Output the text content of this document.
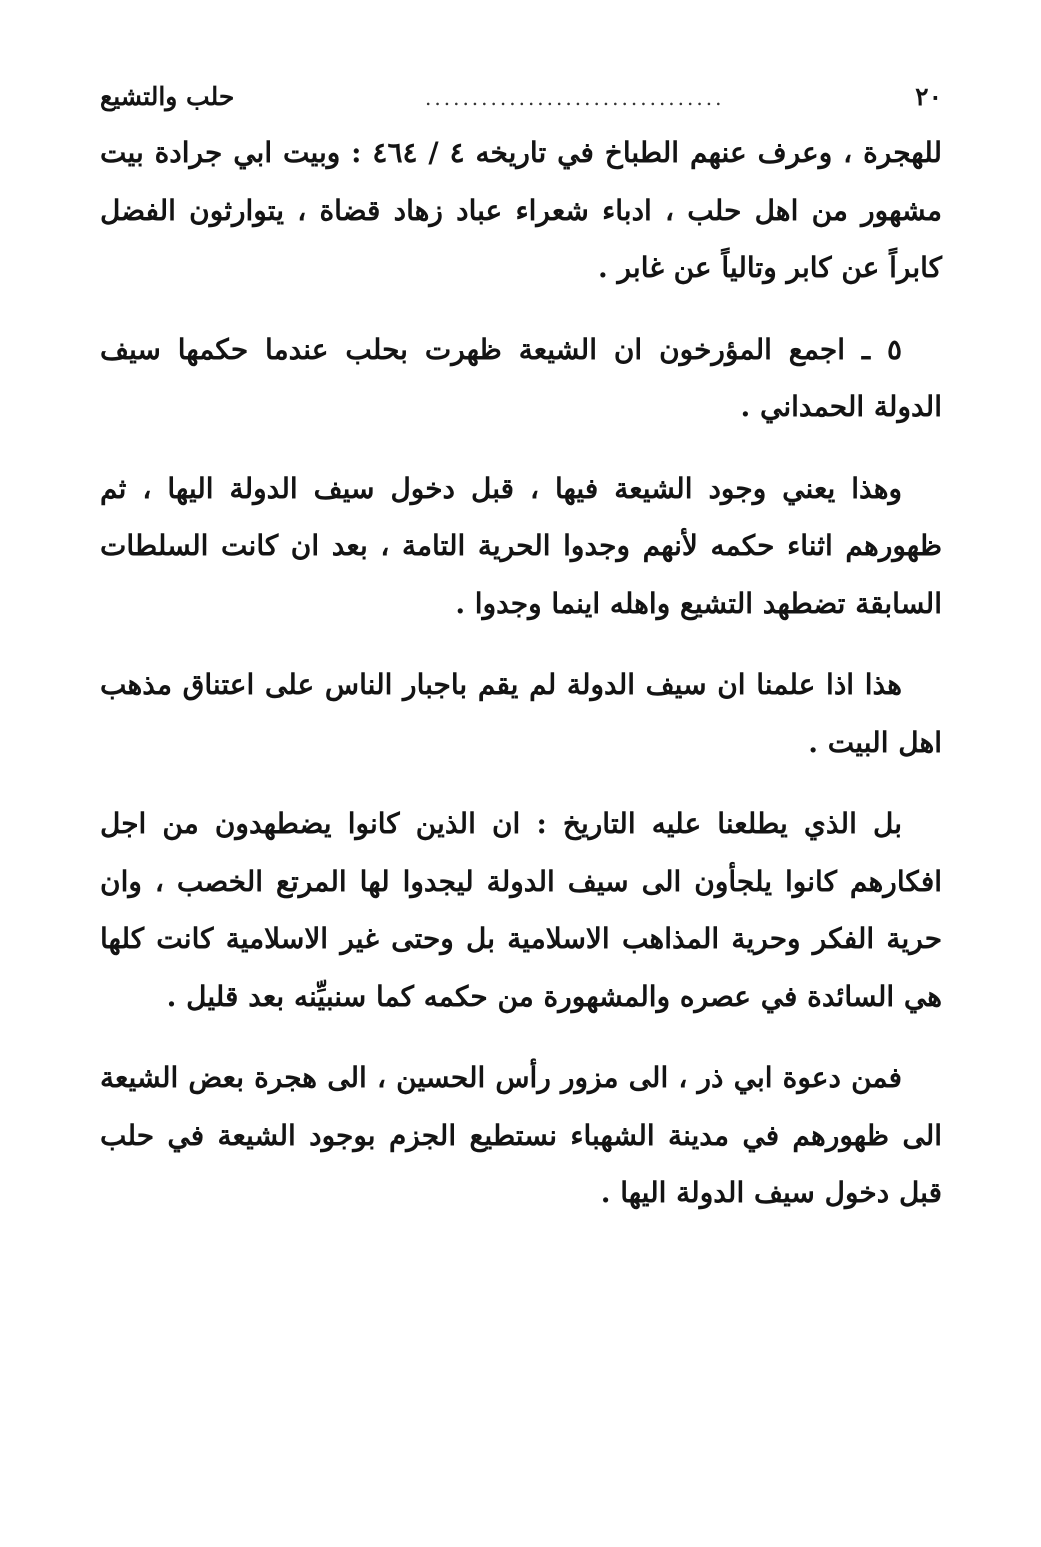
٢٠
................................
حلب والتشيع

للهجرة ، وعرف عنهم الطباخ في تاريخه ٤ / ٤٦٤ : وبيت ابي جرادة بيت مشهور من اهل حلب ، ادباء شعراء عباد زهاد قضاة ، يتوارثون الفضل كابراً عن كابر وتالياً عن غابر .

٥ ـ اجمع المؤرخون ان الشيعة ظهرت بحلب عندما حكمها سيف الدولة الحمداني .

وهذا يعني وجود الشيعة فيها ، قبل دخول سيف الدولة اليها ، ثم ظهورهم اثناء حكمه لأنهم وجدوا الحرية التامة ، بعد ان كانت السلطات السابقة تضطهد التشيع واهله اينما وجدوا .

هذا اذا علمنا ان سيف الدولة لم يقم باجبار الناس على اعتناق مذهب اهل البيت .

بل الذي يطلعنا عليه التاريخ : ان الذين كانوا يضطهدون من اجل افكارهم كانوا يلجأون الى سيف الدولة ليجدوا لها المرتع الخصب ، وان حرية الفكر وحرية المذاهب الاسلامية بل وحتى غير الاسلامية كانت كلها هي السائدة في عصره والمشهورة من حكمه كما سنبيِّنه بعد قليل .

فمن دعوة ابي ذر ، الى مزور رأس الحسين ، الى هجرة بعض الشيعة الى ظهورهم في مدينة الشهباء نستطيع الجزم بوجود الشيعة في حلب قبل دخول سيف الدولة اليها .
